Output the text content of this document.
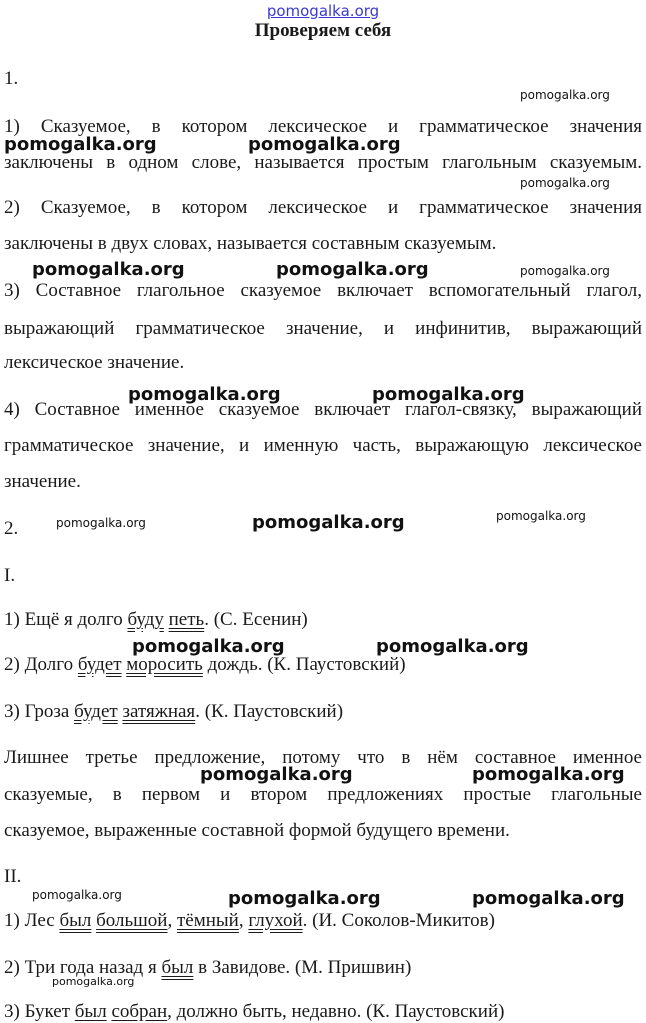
pomogalka.org
Проверяем себя
1.
1) Сказуемое, в котором лексическое и грамматическое значения
заключены в одном слове, называется простым глагольным сказуемым.
2) Сказуемое, в котором лексическое и грамматическое значения
заключены в двух словах, называется составным сказуемым.
3) Составное глагольное сказуемое включает вспомогательный глагол,
выражающий грамматическое значение, и инфинитив, выражающий
лексическое значение.
4) Составное именное сказуемое включает глагол-связку, выражающий
грамматическое значение, и именную часть, выражающую лексическое
значение.
2.
I.
1) Ещё я долго буду петь. (С. Есенин)
2) Долго будет моросить дождь. (К. Паустовский)
3) Гроза будет затяжная. (К. Паустовский)
Лишнее третье предложение, потому что в нём составное именное
сказуемые, в первом и втором предложениях простые глагольные
сказуемое, выраженные составной формой будущего времени.
II.
1) Лес был большой, тёмный, глухой. (И. Соколов-Микитов)
2) Три года назад я был в Завидове. (М. Пришвин)
3) Букет был собран, должно быть, недавно. (К. Паустовский)
pomogalka.org
pomogalka.org	pomogalka.org
pomogalka.org
pomogalka.org	pomogalka.org	pomogalka.org
pomogalka.org	pomogalka.org
pomogalka.org
pomogalka.org	pomogalka.org
pomogalka.org	pomogalka.org
pomogalka.org	pomogalka.org
pomogalka.org	pomogalka.org	pomogalka.org
pomogalka.org
